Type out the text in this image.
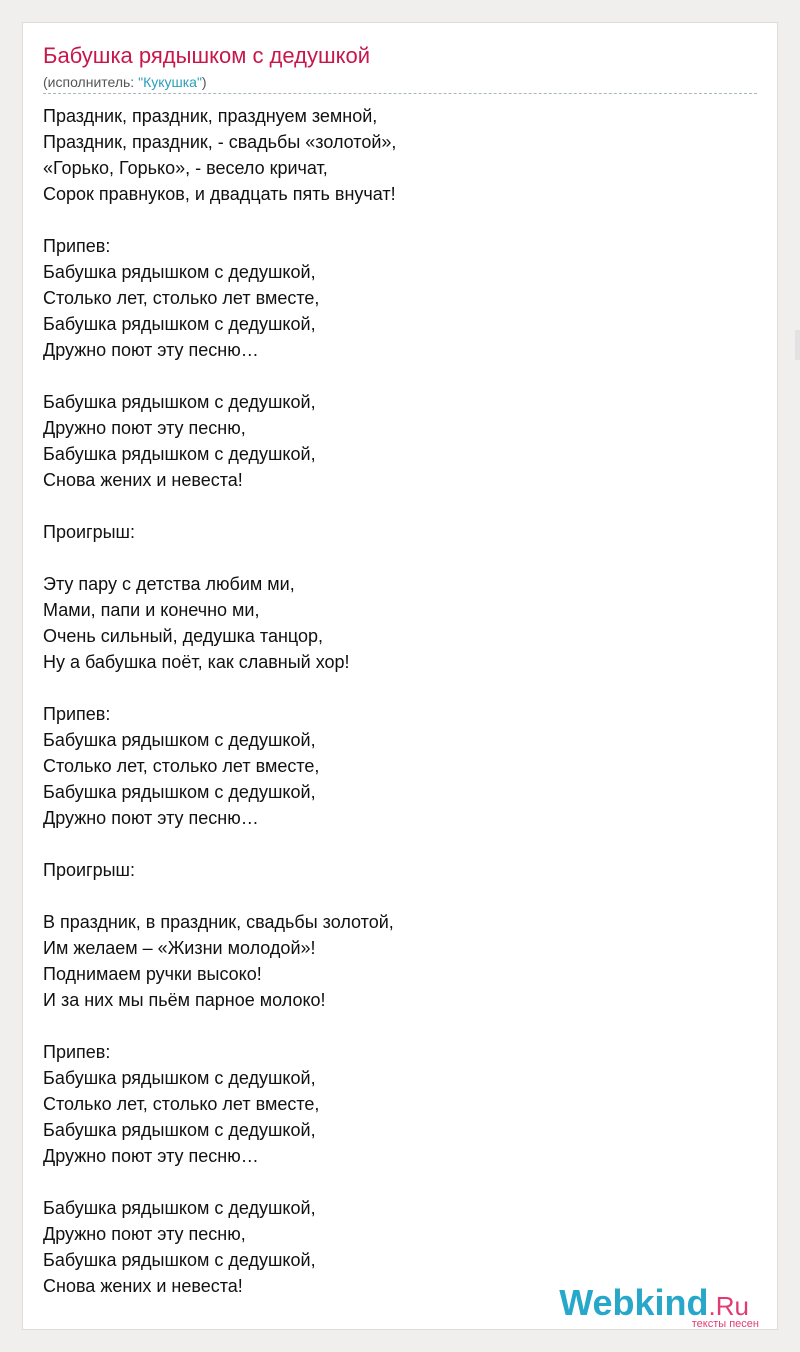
Бабушка рядышком с дедушкой
(исполнитель: "Кукушка")
Праздник, праздник, празднуем земной,
Праздник, праздник, - свадьбы «золотой»,
«Горько, Горько», - весело кричат,
Сорок правнуков, и двадцать пять внучат!
Припев:
Бабушка рядышком с дедушкой,
Столько лет, столько лет вместе,
Бабушка рядышком с дедушкой,
Дружно поют эту песню…
Бабушка рядышком с дедушкой,
Дружно поют эту песню,
Бабушка рядышком с дедушкой,
Снова жених и невеста!
Проигрыш:
Эту пару с детства любим ми,
Мами, папи и конечно ми,
Очень сильный, дедушка танцор,
Ну а бабушка поёт, как славный хор!
Припев:
Бабушка рядышком с дедушкой,
Столько лет, столько лет вместе,
Бабушка рядышком с дедушкой,
Дружно поют эту песню…
Проигрыш:
В праздник, в праздник, свадьбы золотой,
Им желаем – «Жизни молодой»!
Поднимаем ручки высоко!
И за них мы пьём парное молоко!
Припев:
Бабушка рядышком с дедушкой,
Столько лет, столько лет вместе,
Бабушка рядышком с дедушкой,
Дружно поют эту песню…
Бабушка рядышком с дедушкой,
Дружно поют эту песню,
Бабушка рядышком с дедушкой,
Снова жених и невеста!	Webkind.Ru
тексты песен
